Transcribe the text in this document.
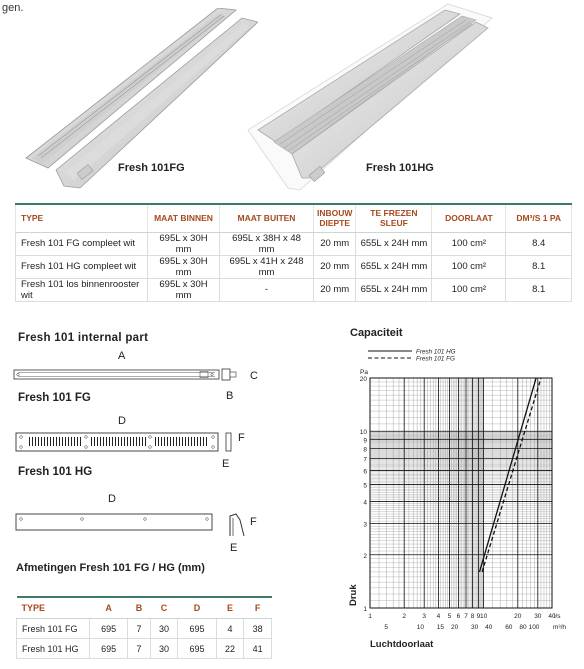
gen.
Fresh 101FG	Fresh 101HG
TYPE	MAAT BINNEN	MAAT BUITEN	INBOUW DIEPTE	TE FREZEN SLEUF	DOORLAAT	DM³/S 1 PA
Fresh 101 FG compleet wit	695L x 30H mm	695L x 38H x 48 mm	20 mm	655L x 24H mm	100 cm²	8.4
Fresh 101 HG compleet wit	695L x 30H mm	695L x 41H x 248 mm	20 mm	655L x 24H mm	100 cm²	8.1
Fresh 101 los binnenrooster wit	695L x 30H mm	-	20 mm	655L x 24H mm	100 cm²	8.1
Fresh 101 internal part
A
C
Fresh 101 FG	B
D
F
E
Fresh 101 HG
D
F
E
Afmetingen Fresh 101 FG / HG (mm)
TYPE	A	B	C	D	E	F
Fresh 101 FG	695	7	30	695	4	38
Fresh 101 HG	695	7	30	695	22	41
Capaciteit
1
2
3
4
5
6
7
8
9
10
20
Pa
1	2	3 4 5 6 7 8 9 10	20 30 40
l/s
5	10 15 20 30 40 60 80 100 m³/h
Luchtdoorlaat
Druk
Fresh 101 HG
Fresh 101 FG
